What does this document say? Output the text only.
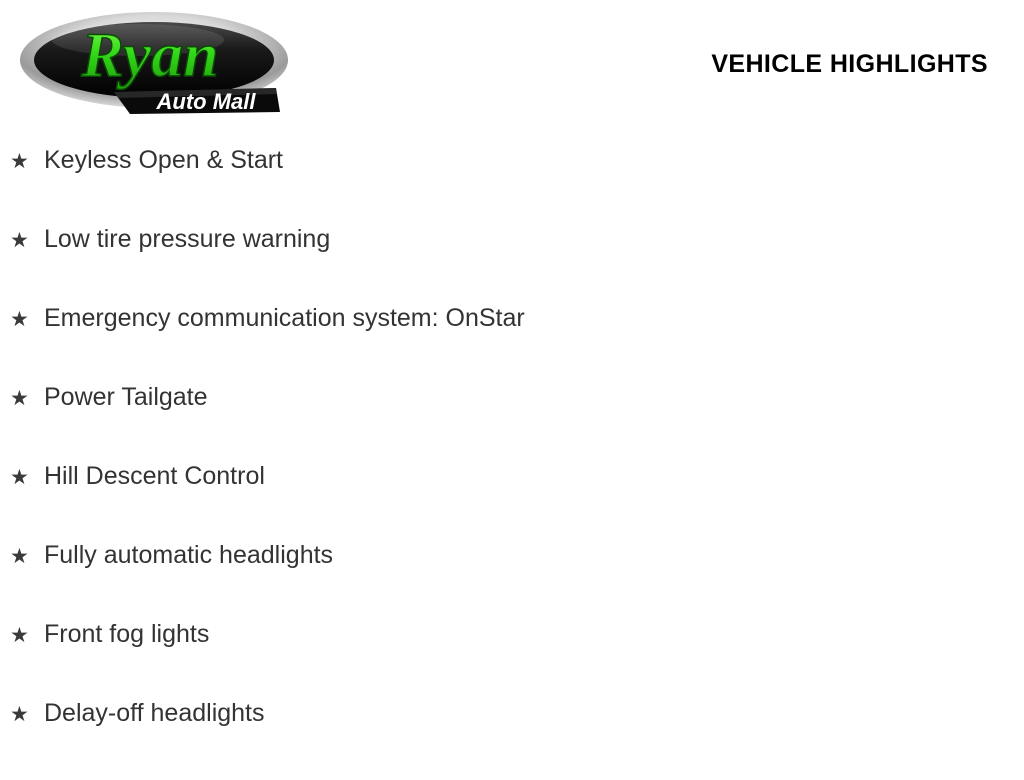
Ryan
Auto Mall
VEHICLE HIGHLIGHTS
★ Keyless Open & Start
★ Low tire pressure warning
★ Emergency communication system: OnStar
★ Power Tailgate
★ Hill Descent Control
★ Fully automatic headlights
★ Front fog lights
★ Delay-off headlights
